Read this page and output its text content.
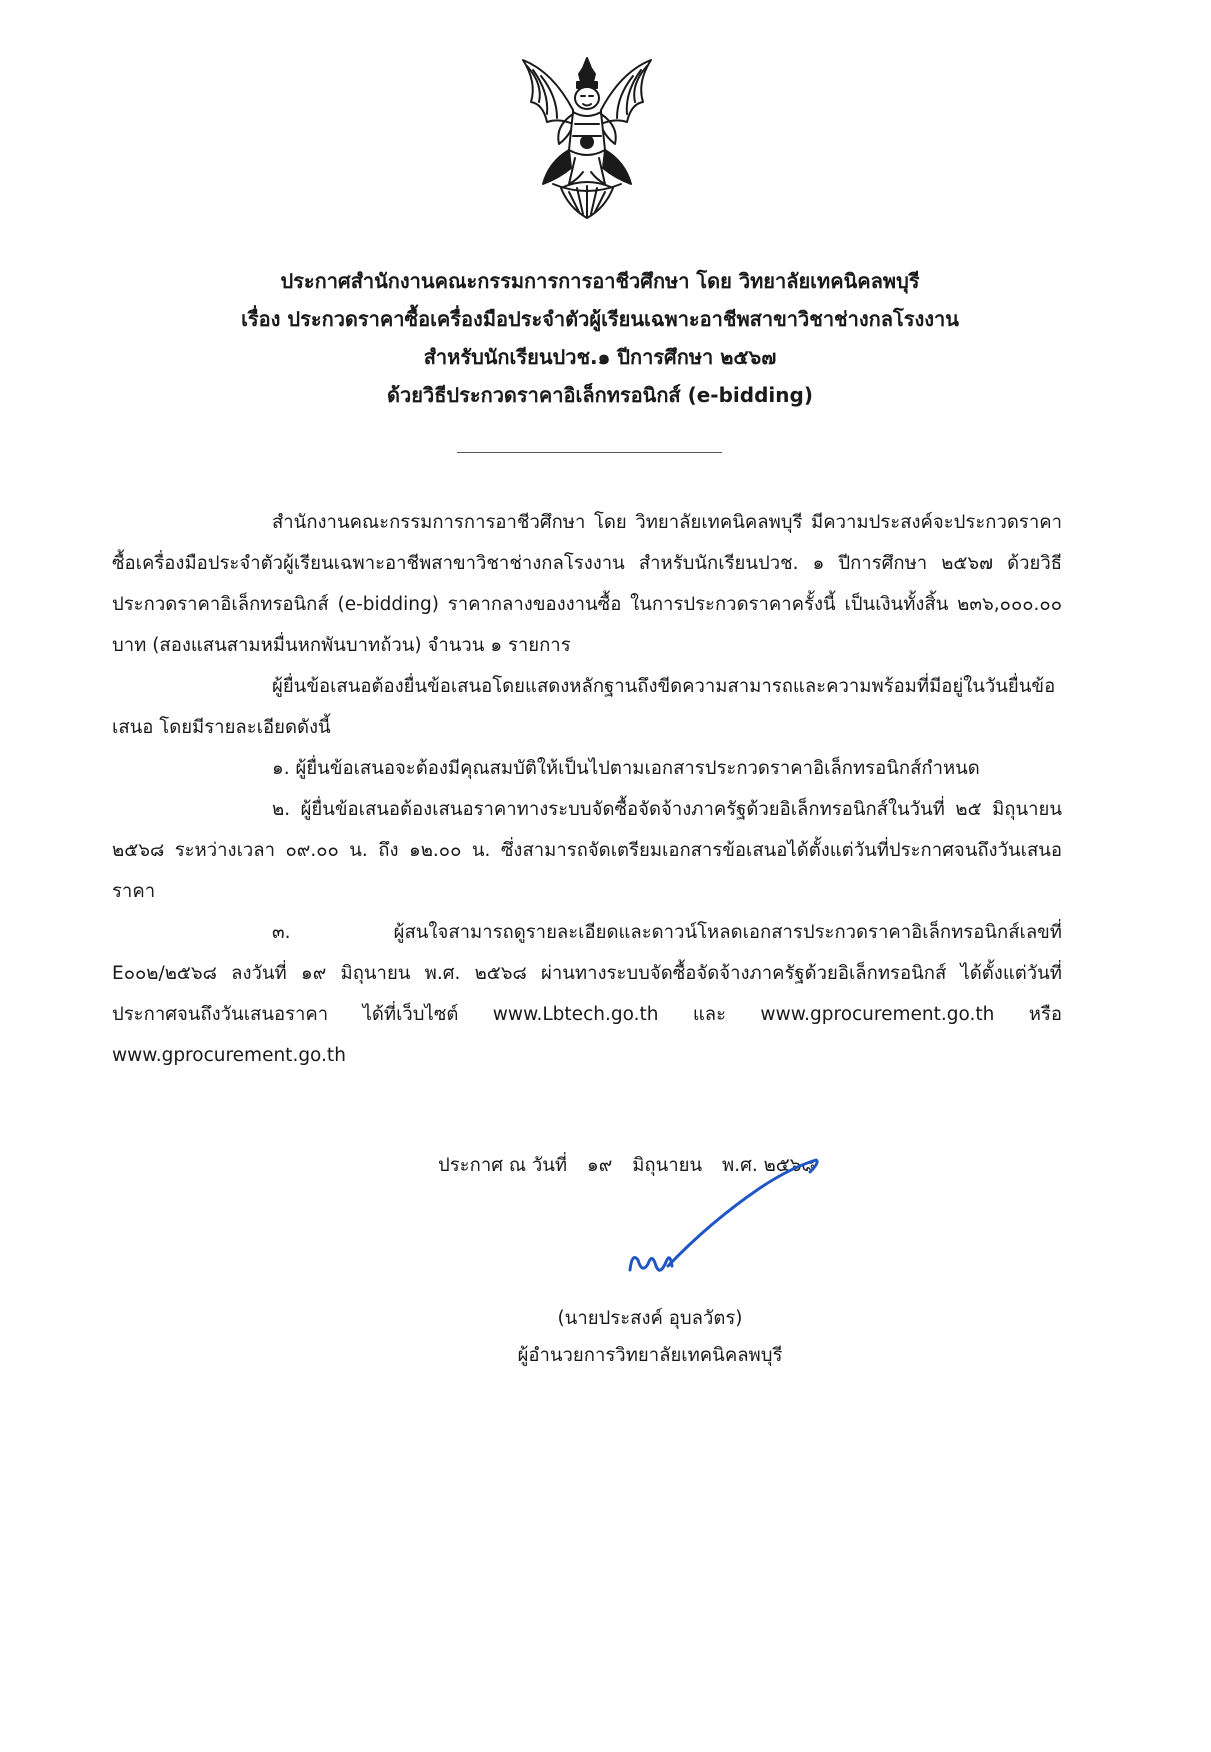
ประกาศสำนักงานคณะกรรมการการอาชีวศึกษา โดย วิทยาลัยเทคนิคลพบุรี
เรื่อง ประกวดราคาซื้อเครื่องมือประจำตัวผู้เรียนเฉพาะอาชีพสาขาวิชาช่างกลโรงงาน
สำหรับนักเรียนปวช.๑ ปีการศึกษา ๒๕๖๗
ด้วยวิธีประกวดราคาอิเล็กทรอนิกส์ (e-bidding)

สำนักงานคณะกรรมการการอาชีวศึกษา โดย วิทยาลัยเทคนิคลพบุรี มีความประสงค์จะประกวดราคาซื้อเครื่องมือประจำตัวผู้เรียนเฉพาะอาชีพสาขาวิชาช่างกลโรงงาน สำหรับนักเรียนปวช. ๑ ปีการศึกษา ๒๕๖๗ ด้วยวิธีประกวดราคาอิเล็กทรอนิกส์ (e-bidding) ราคากลางของงานซื้อ ในการประกวดราคาครั้งนี้ เป็นเงินทั้งสิ้น ๒๓๖,๐๐๐.๐๐ บาท (สองแสนสามหมื่นหกพันบาทถ้วน) จำนวน ๑ รายการ

ผู้ยื่นข้อเสนอต้องยื่นข้อเสนอโดยแสดงหลักฐานถึงขีดความสามารถและความพร้อมที่มีอยู่ในวันยื่นข้อเสนอ โดยมีรายละเอียดดังนี้

๑. ผู้ยื่นข้อเสนอจะต้องมีคุณสมบัติให้เป็นไปตามเอกสารประกวดราคาอิเล็กทรอนิกส์กำหนด

๒. ผู้ยื่นข้อเสนอต้องเสนอราคาทางระบบจัดซื้อจัดจ้างภาครัฐด้วยอิเล็กทรอนิกส์ในวันที่ ๒๕ มิถุนายน ๒๕๖๘ ระหว่างเวลา ๐๙.๐๐ น. ถึง ๑๒.๐๐ น. ซึ่งสามารถจัดเตรียมเอกสารข้อเสนอได้ตั้งแต่วันที่ประกาศจนถึงวันเสนอราคา

๓. ผู้สนใจสามารถดูรายละเอียดและดาวน์โหลดเอกสารประกวดราคาอิเล็กทรอนิกส์เลขที่ E๐๐๒/๒๕๖๘ ลงวันที่ ๑๙ มิถุนายน พ.ศ. ๒๕๖๘ ผ่านทางระบบจัดซื้อจัดจ้างภาครัฐด้วยอิเล็กทรอนิกส์ ได้ตั้งแต่วันที่ประกาศจนถึงวันเสนอราคา ได้ที่เว็บไซต์ www.Lbtech.go.th และ www.gprocurement.go.th หรือ www.gprocurement.go.th

ประกาศ ณ วันที่ ๑๙ มิถุนายน พ.ศ. ๒๕๖๘
(นายประสงค์ อุบลวัตร)
ผู้อำนวยการวิทยาลัยเทคนิคลพบุรี
